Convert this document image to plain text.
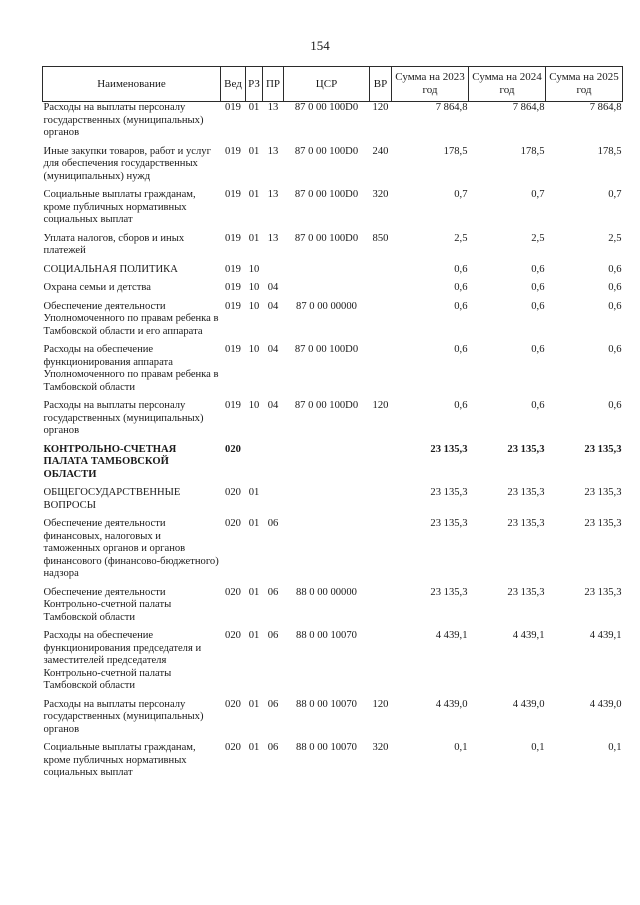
154
Наименование	Вед	РЗ	ПР	ЦСР	ВР	Сумма на 2023 год	Сумма на 2024 год	Сумма на 2025 год
Расходы на выплаты персоналу государственных (муниципальных) органов	019	01	13	87 0 00 100D0	120	7 864,8	7 864,8	7 864,8
Иные закупки товаров, работ и услуг для обеспечения государственных (муниципальных) нужд	019	01	13	87 0 00 100D0	240	178,5	178,5	178,5
Социальные выплаты гражданам, кроме публичных нормативных социальных выплат	019	01	13	87 0 00 100D0	320	0,7	0,7	0,7
Уплата налогов, сборов и иных платежей	019	01	13	87 0 00 100D0	850	2,5	2,5	2,5
СОЦИАЛЬНАЯ ПОЛИТИКА	019	10				0,6	0,6	0,6
Охрана семьи и детства	019	10	04			0,6	0,6	0,6
Обеспечение деятельности Уполномоченного по правам ребенка в Тамбовской области и его аппарата	019	10	04	87 0 00 00000		0,6	0,6	0,6
Расходы на обеспечение функционирования аппарата Уполномоченного по правам ребенка в Тамбовской области	019	10	04	87 0 00 100D0		0,6	0,6	0,6
Расходы на выплаты персоналу государственных (муниципальных) органов	019	10	04	87 0 00 100D0	120	0,6	0,6	0,6
КОНТРОЛЬНО-СЧЕТНАЯ ПАЛАТА ТАМБОВСКОЙ ОБЛАСТИ	020					23 135,3	23 135,3	23 135,3
ОБЩЕГОСУДАРСТВЕННЫЕ ВОПРОСЫ	020	01				23 135,3	23 135,3	23 135,3
Обеспечение деятельности финансовых, налоговых и таможенных органов и органов финансового (финансово-бюджетного) надзора	020	01	06			23 135,3	23 135,3	23 135,3
Обеспечение деятельности Контрольно-счетной палаты Тамбовской области	020	01	06	88 0 00 00000		23 135,3	23 135,3	23 135,3
Расходы на обеспечение функционирования председателя и заместителей председателя Контрольно-счетной палаты Тамбовской области	020	01	06	88 0 00 10070		4 439,1	4 439,1	4 439,1
Расходы на выплаты персоналу государственных (муниципальных) органов	020	01	06	88 0 00 10070	120	4 439,0	4 439,0	4 439,0
Социальные выплаты гражданам, кроме публичных нормативных социальных выплат	020	01	06	88 0 00 10070	320	0,1	0,1	0,1
